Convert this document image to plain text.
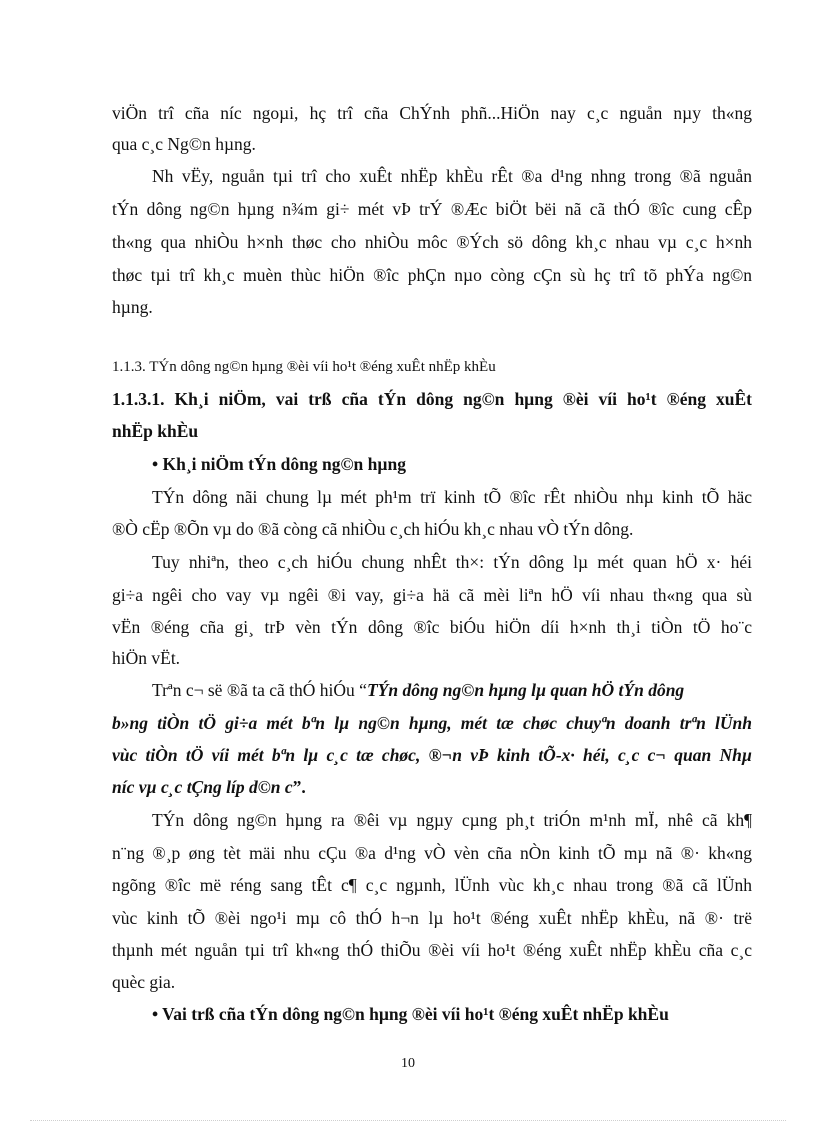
viÖn trî cña níc ngoµi, hç trî cña ChÝnh phñ...HiÖn nay c¸c nguån nµy th«ng
qua c¸c Ng©n hµng.
Nh vËy, nguån tµi trî cho xuÊt nhËp khÈu rÊt ®a d¹ng nhng trong ®ã nguån
tÝn dông ng©n hµng n¾m gi÷ mét vÞ trÝ ®Æc biÖt bëi nã cã thÓ ®îc cung cÊp
th«ng qua nhiÒu h×nh thøc cho nhiÒu môc ®Ých sö dông kh¸c nhau vµ c¸c h×nh
thøc tµi trî kh¸c muèn thùc hiÖn ®îc phÇn nµo còng cÇn sù hç trî tõ phÝa ng©n
hµng.
1.1.3. TÝn dông ng©n hµng ®èi víi ho¹t ®éng xuÊt nhËp khÈu
1.1.3.1. Kh¸i niÖm, vai trß cña tÝn dông ng©n hµng ®èi víi ho¹t ®éng xuÊt
nhËp khÈu
• Kh¸i niÖm tÝn dông ng©n hµng
TÝn dông nãi chung lµ mét ph¹m trï kinh tÕ ®îc rÊt nhiÒu nhµ kinh tÕ häc
®Ò cËp ®Õn vµ do ®ã còng cã nhiÒu c¸ch hiÓu kh¸c nhau vÒ tÝn dông.
Tuy nhiªn, theo c¸ch hiÓu chung nhÊt th×: tÝn dông lµ mét quan hÖ x· héi
gi÷a ngêi cho vay vµ ngêi ®i vay, gi÷a hä cã mèi liªn hÖ víi nhau th«ng qua sù
vËn ®éng cña gi¸ trÞ vèn tÝn dông ®îc biÓu hiÖn díi h×nh th¸i tiÒn tÖ ho¨c
hiÖn vËt.
Trªn c¬ së ®ã ta cã thÓ hiÓu “TÝn dông ng©n hµng lµ quan hÖ tÝn dông
b»ng tiÒn tÖ gi÷a mét bªn lµ ng©n hµng, mét tæ chøc chuyªn doanh trªn lÜnh
vùc tiÒn tÖ víi mét bªn lµ c¸c tæ chøc, ®¬n vÞ kinh tÕ-x· héi, c¸c c¬ quan Nhµ
níc vµ c¸c tÇng líp d©n c”.
TÝn dông ng©n hµng ra ®êi vµ ngµy cµng ph¸t triÓn m¹nh mÏ, nhê cã kh¶
n¨ng ®¸p øng tèt mäi nhu cÇu ®a d¹ng vÒ vèn cña nÒn kinh tÕ mµ nã ®· kh«ng
ngõng ®îc më réng sang tÊt c¶ c¸c ngµnh, lÜnh vùc kh¸c nhau trong ®ã cã lÜnh
vùc kinh tÕ ®èi ngo¹i mµ cô thÓ h¬n lµ ho¹t ®éng xuÊt nhËp khÈu, nã ®· trë
thµnh mét nguån tµi trî kh«ng thÓ thiÕu ®èi víi ho¹t ®éng xuÊt nhËp khÈu cña c¸c
quèc gia.
• Vai trß cña tÝn dông ng©n hµng ®èi víi ho¹t ®éng xuÊt nhËp khÈu
10
